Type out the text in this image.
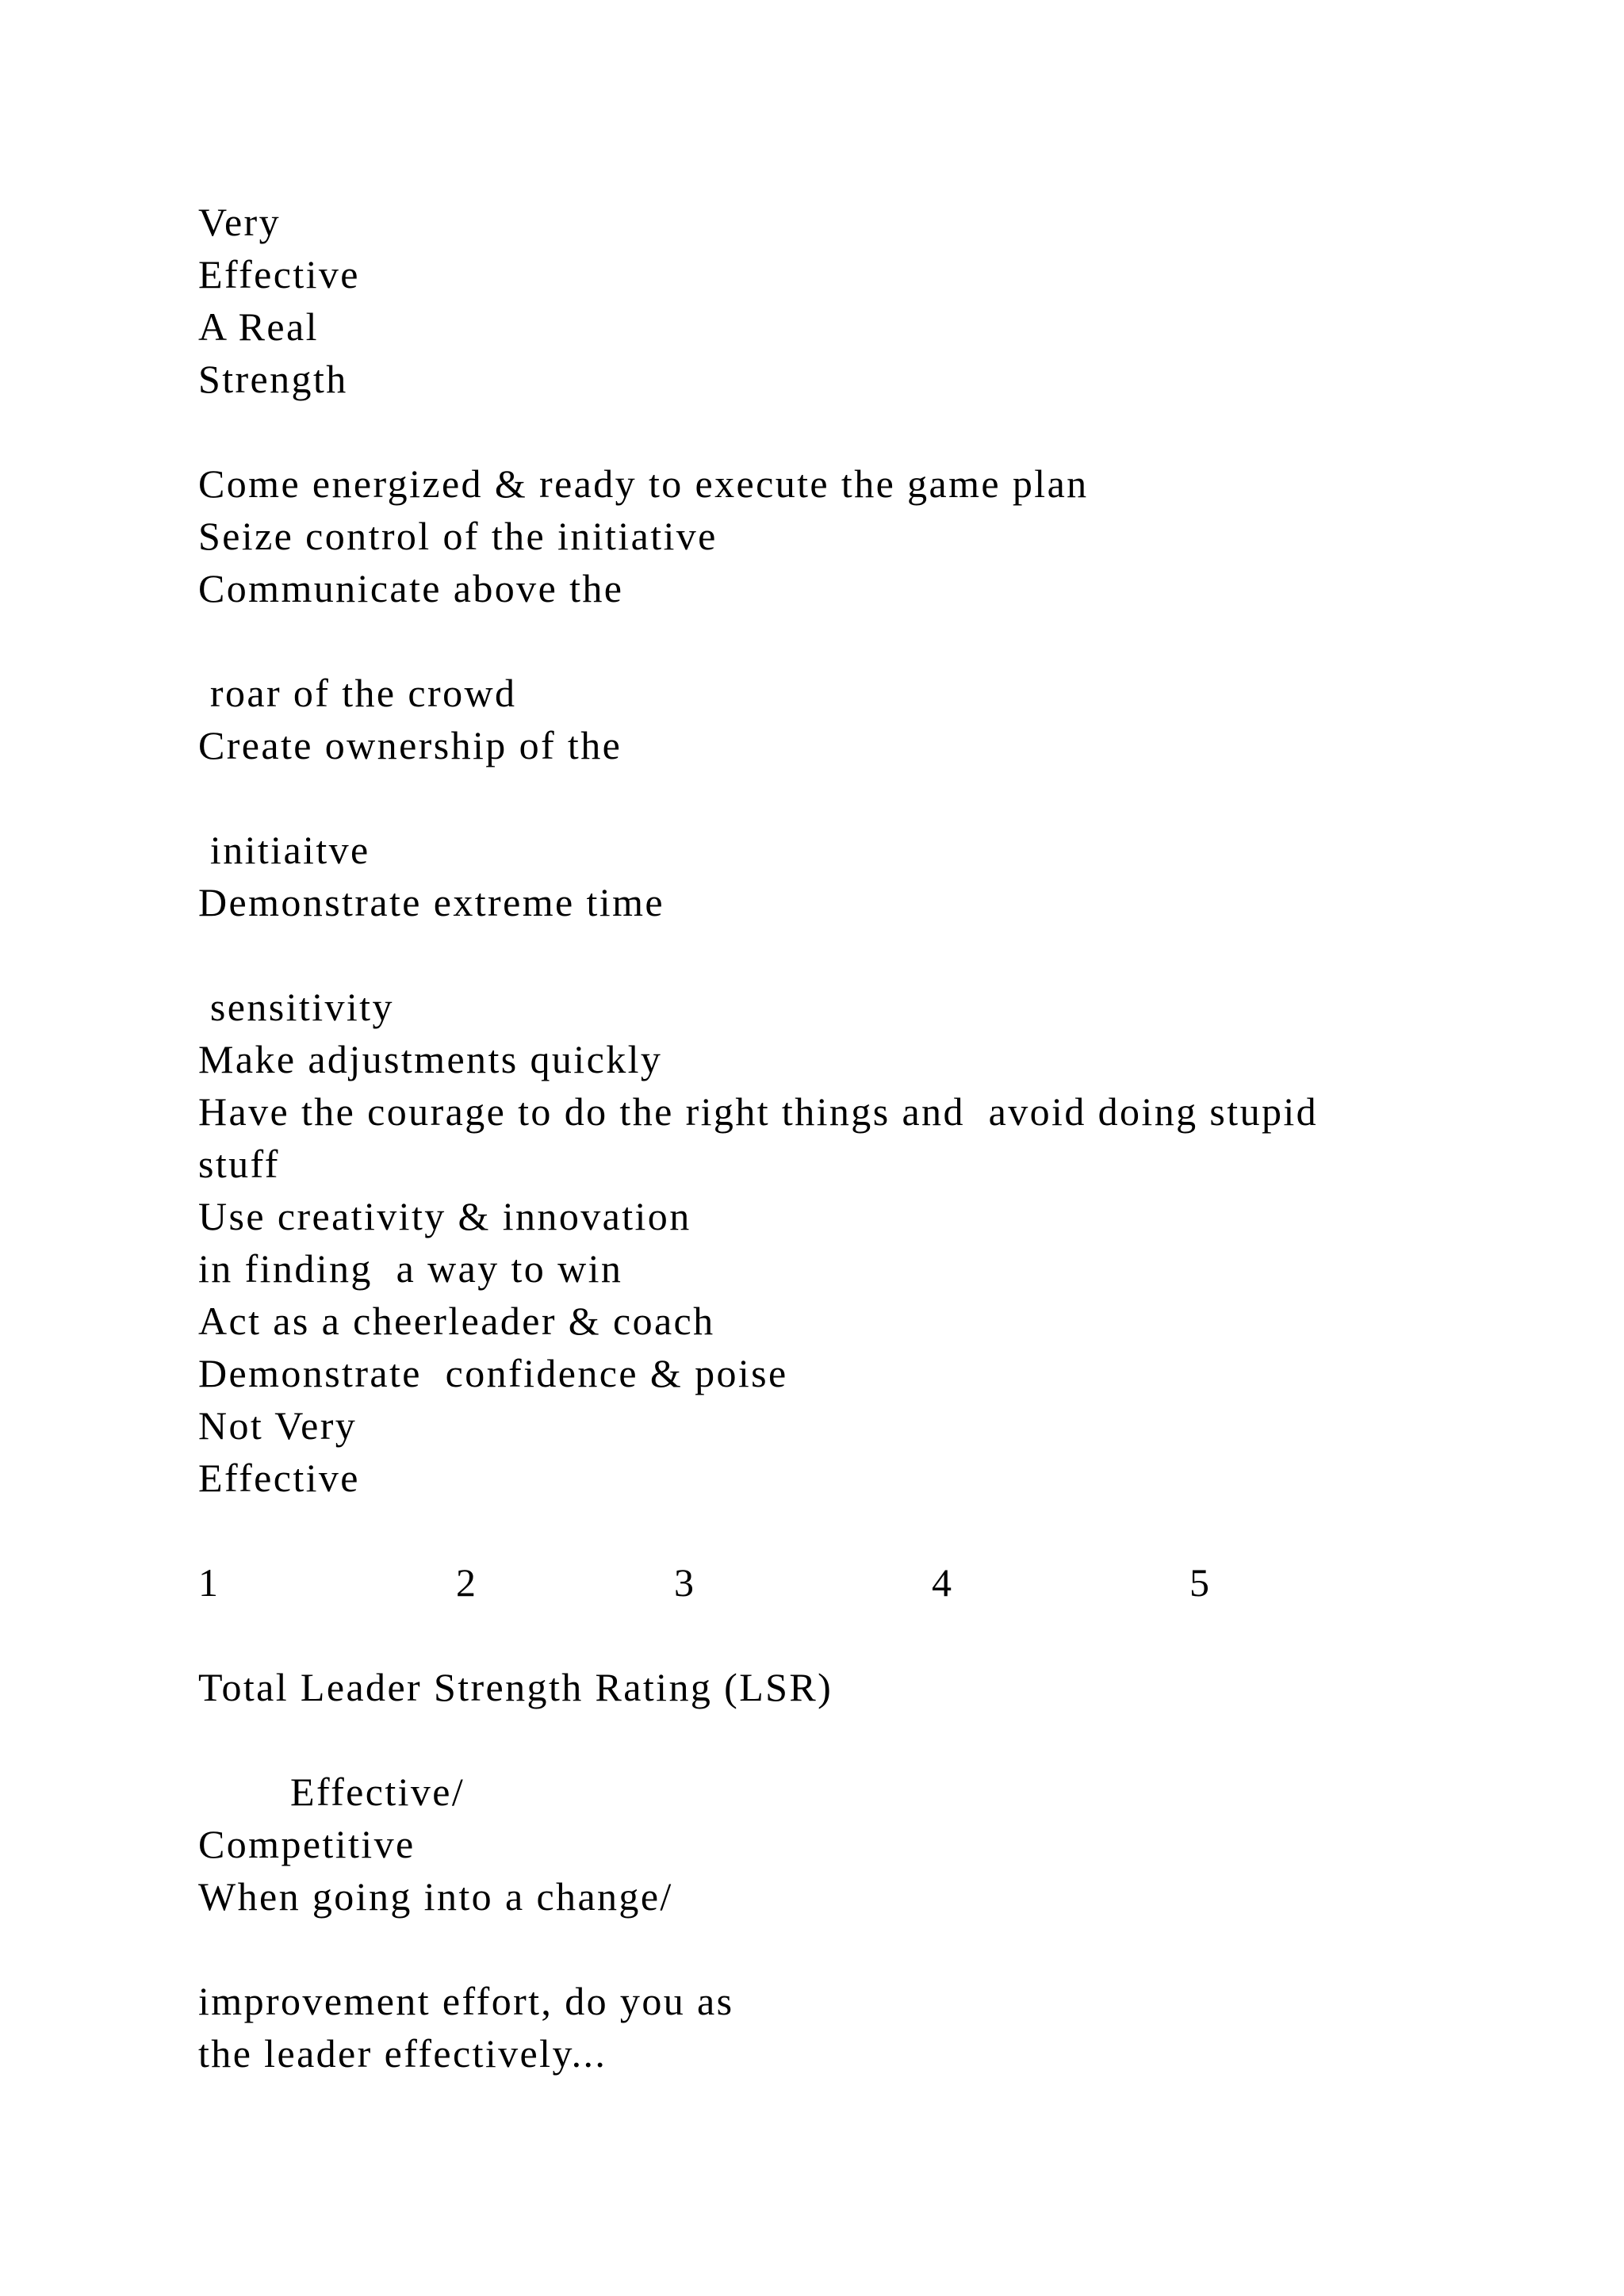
Very
Effective
A Real
Strength
Come energized & ready to execute the game plan
Seize control of the initiative
Communicate above the
roar of the crowd
Create ownership of the
initiaitve
Demonstrate extreme time
sensitivity
Make adjustments quickly
Have the courage to do the right things and  avoid doing stupid
stuff
Use creativity & innovation
in finding  a way to win
Act as a cheerleader & coach
Demonstrate  confidence & poise
Not Very
Effective
1	2	3	4	5
Total Leader Strength Rating (LSR)
Effective/
Competitive
When going into a change/
improvement effort, do you as
the leader effectively...
